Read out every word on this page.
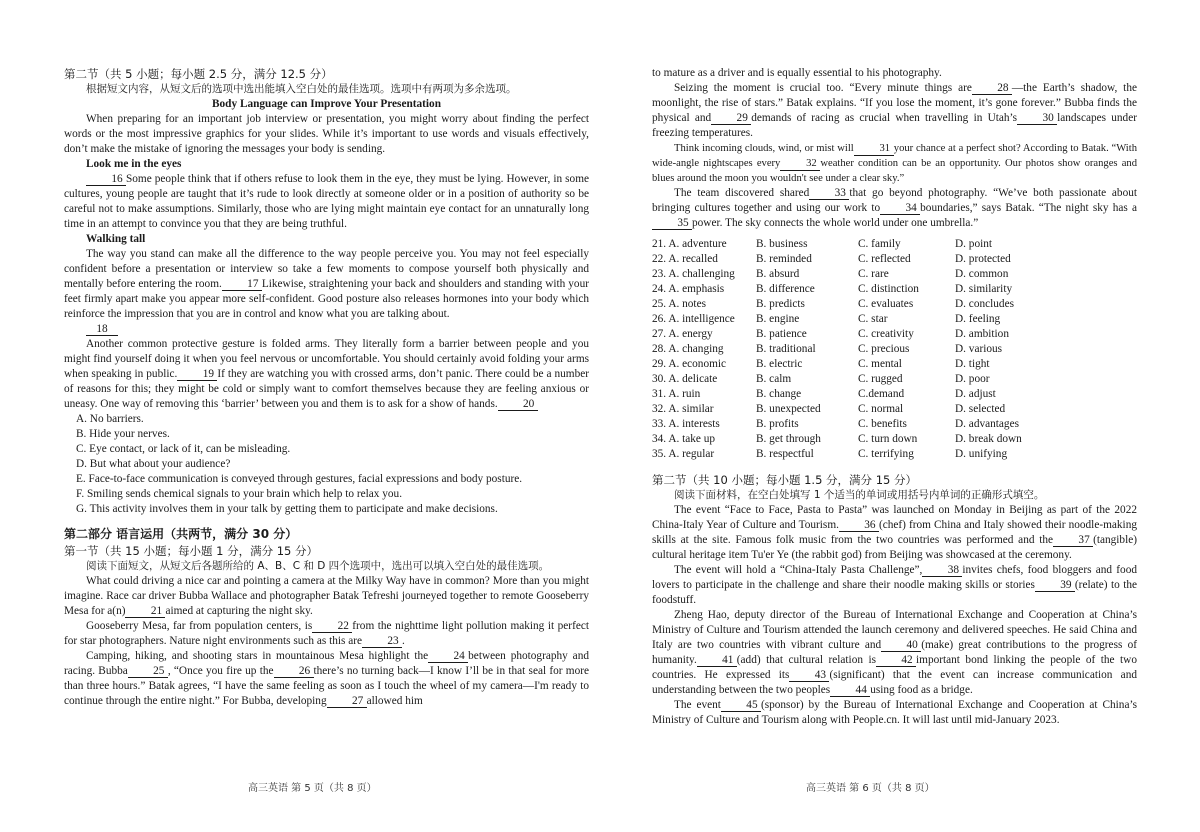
第二节（共 5 小题；每小题 2.5 分，满分 12.5 分）

根据短文内容，从短文后的选项中选出能填入空白处的最佳选项。选项中有两项为多余选项。

Body Language can Improve Your Presentation

When preparing for an important job interview or presentation, you might worry about finding the perfect words or the most impressive graphics for your slides. While it’s important to use words and visuals effectively, don’t make the mistake of ignoring the messages your body is sending.

Look me in the eyes

16 Some people think that if others refuse to look them in the eye, they must be lying. However, in some cultures, young people are taught that it’s rude to look directly at someone older or in a position of authority so be careful not to make assumptions. Similarly, those who are lying might maintain eye contact for an unnaturally long time in an attempt to convince you that they are being truthful.

Walking tall

The way you stand can make all the difference to the way people perceive you. You may not feel especially confident before a presentation or interview so take a few moments to compose yourself both physically and mentally before entering the room. 17 Likewise, straightening your back and shoulders and standing with your feet firmly apart make you appear more self-confident. Good posture also releases hormones into your body which reinforce the impression that you are in control and know what you are talking about.

18

Another common protective gesture is folded arms. They literally form a barrier between people and you might find yourself doing it when you feel nervous or uncomfortable. You should certainly avoid folding your arms when speaking in public. 19 If they are watching you with crossed arms, don’t panic. There could be a number of reasons for this; they might be cold or simply want to comfort themselves because they are feeling anxious or uneasy. One way of removing this ‘barrier’ between you and them is to ask for a show of hands. 20

A. No barriers.

B. Hide your nerves.

C. Eye contact, or lack of it, can be misleading.

D. But what about your audience?

E. Face-to-face communication is conveyed through gestures, facial expressions and body posture.

F. Smiling sends chemical signals to your brain which help to relax you.

G. This activity involves them in your talk by getting them to participate and make decisions.

第二部分 语言运用（共两节，满分 30 分）

第一节（共 15 小题；每小题 1 分，满分 15 分）

阅读下面短文，从短文后各题所给的 A、B、C 和 D 四个选项中，选出可以填入空白处的最佳选项。

What could driving a nice car and pointing a camera at the Milky Way have in common? More than you might imagine. Race car driver Bubba Wallace and photographer Batak Tefreshi journeyed together to remote Gooseberry Mesa for a(n) 21 aimed at capturing the night sky.

Gooseberry Mesa, far from population centers, is 22 from the nighttime light pollution making it perfect for star photographers. Nature night environments such as this are 23 .

Camping, hiking, and shooting stars in mountainous Mesa highlight the 24 between photography and racing. Bubba 25 , “Once you fire up the 26 there’s no turning back—I know I’ll be in that seal for more than three hours.” Batak agrees, “I have the same feeling as soon as I touch the wheel of my camera—I'm ready to continue through the entire night.” For Bubba, developing 27 allowed him

to mature as a driver and is equally essential to his photography.

Seizing the moment is crucial too. “Every minute things are 28 —the Earth’s shadow, the moonlight, the rise of stars.” Batak explains. “If you lose the moment, it’s gone forever.” Bubba finds the physical and 29 demands of racing as crucial when travelling in Utah’s 30 landscapes under freezing temperatures.

Think incoming clouds, wind, or mist will 31 your chance at a perfect shot? According to Batak. “With wide-angle nightscapes every 32 weather condition can be an opportunity. Our photos show oranges and blues around the moon you wouldn't see under a clear sky.”

The team discovered shared 33 that go beyond photography. “We’ve both passionate about bringing cultures together and using our work to 34 boundaries,” says Batak. “The night sky has a35 power. The sky connects the whole world under one umbrella.”

21. A. adventure	B. business	C. family	D. point
22. A. recalled	B. reminded	C. reflected	D. protected
23. A. challenging	B. absurd	C. rare	D. common
24. A. emphasis	B. difference	C. distinction	D. similarity
25. A. notes	B. predicts	C. evaluates	D. concludes
26. A. intelligence	B. engine	C. star	D. feeling
27. A. energy	B. patience	C. creativity	D. ambition
28. A. changing	B. traditional	C. precious	D. various
29. A. economic	B. electric	C. mental	D. tight
30. A. delicate	B. calm	C. rugged	D. poor
31. A. ruin	B. change	C.demand	D. adjust
32. A. similar	B. unexpected	C. normal	D. selected
33. A. interests	B. profits	C. benefits	D. advantages
34. A. take up	B. get through	C. turn down	D. break down
35. A. regular	B. respectful	C. terrifying	D. unifying

第二节（共 10 小题；每小题 1.5 分，满分 15 分）

阅读下面材料，在空白处填写 1 个适当的单词或用括号内单词的正确形式填空。

The event “Face to Face, Pasta to Pasta” was launched on Monday in Beijing as part of the 2022 China-Italy Year of Culture and Tourism. 36 (chef) from China and Italy showed their noodle-making skills at the site. Famous folk music from the two countries was performed and the 37 (tangible) cultural heritage item Tu'er Ye (the rabbit god) from Beijing was showcased at the ceremony.

The event will hold a “China-Italy Pasta Challenge”, 38 invites chefs, food bloggers and food lovers to participate in the challenge and share their noodle making skills or stories 39 (relate) to the foodstuff.

Zheng Hao, deputy director of the Bureau of International Exchange and Cooperation at China’s Ministry of Culture and Tourism attended the launch ceremony and delivered speeches. He said China and Italy are two countries with vibrant culture and 40 (make) great contributions to the progress of humanity. 41 (add) that cultural relation is 42 important bond linking the people of the two countries. He expressed its 43 (significant) that the event can increase communication and understanding between the two peoples 44 using food as a bridge.

The event 45 (sponsor) by the Bureau of International Exchange and Cooperation at China’s Ministry of Culture and Tourism along with People.cn. It will last until mid-January 2023.

高三英语 第 5 页（共 8 页）	高三英语 第 6 页（共 8 页）
